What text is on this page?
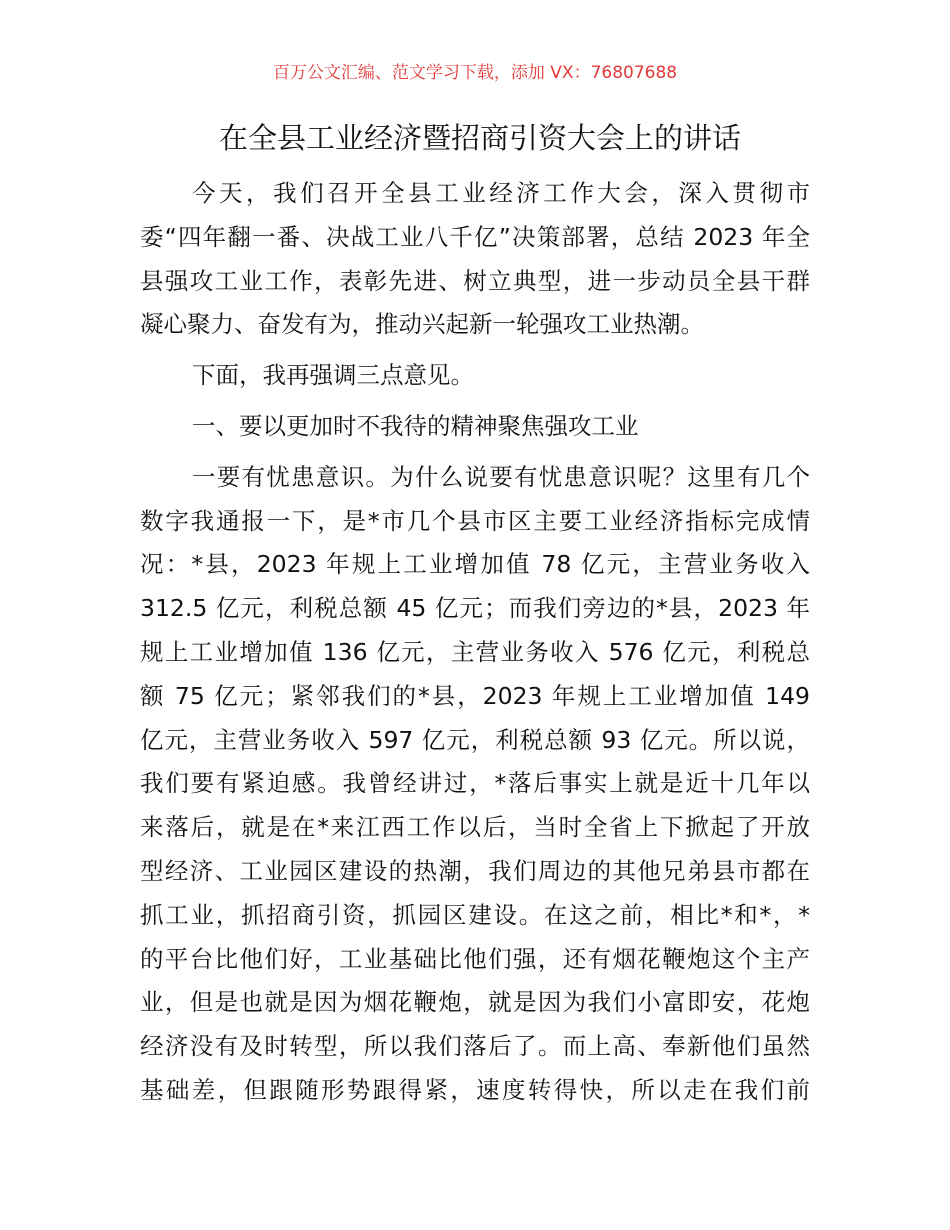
百万公文汇编、范文学习下载，添加 VX：76807688
在全县工业经济暨招商引资大会上的讲话
今天，我们召开全县工业经济工作大会，深入贯彻市
委“四年翻一番、决战工业八千亿”决策部署，总结 2023 年全
县强攻工业工作，表彰先进、树立典型，进一步动员全县干群
凝心聚力、奋发有为，推动兴起新一轮强攻工业热潮。
下面，我再强调三点意见。
一、要以更加时不我待的精神聚焦强攻工业
一要有忧患意识。为什么说要有忧患意识呢？这里有几个
数字我通报一下，是*市几个县市区主要工业经济指标完成情
况：*县，2023 年规上工业增加值 78 亿元，主营业务收入
312.5 亿元，利税总额 45 亿元；而我们旁边的*县，2023 年
规上工业增加值 136 亿元，主营业务收入 576 亿元，利税总
额 75 亿元；紧邻我们的*县，2023 年规上工业增加值 149
亿元，主营业务收入 597 亿元，利税总额 93 亿元。所以说，
我们要有紧迫感。我曾经讲过，*落后事实上就是近十几年以
来落后，就是在*来江西工作以后，当时全省上下掀起了开放
型经济、工业园区建设的热潮，我们周边的其他兄弟县市都在
抓工业，抓招商引资，抓园区建设。在这之前，相比*和*，*
的平台比他们好，工业基础比他们强，还有烟花鞭炮这个主产
业，但是也就是因为烟花鞭炮，就是因为我们小富即安，花炮
经济没有及时转型，所以我们落后了。而上高、奉新他们虽然
基础差，但跟随形势跟得紧，速度转得快，所以走在我们前
